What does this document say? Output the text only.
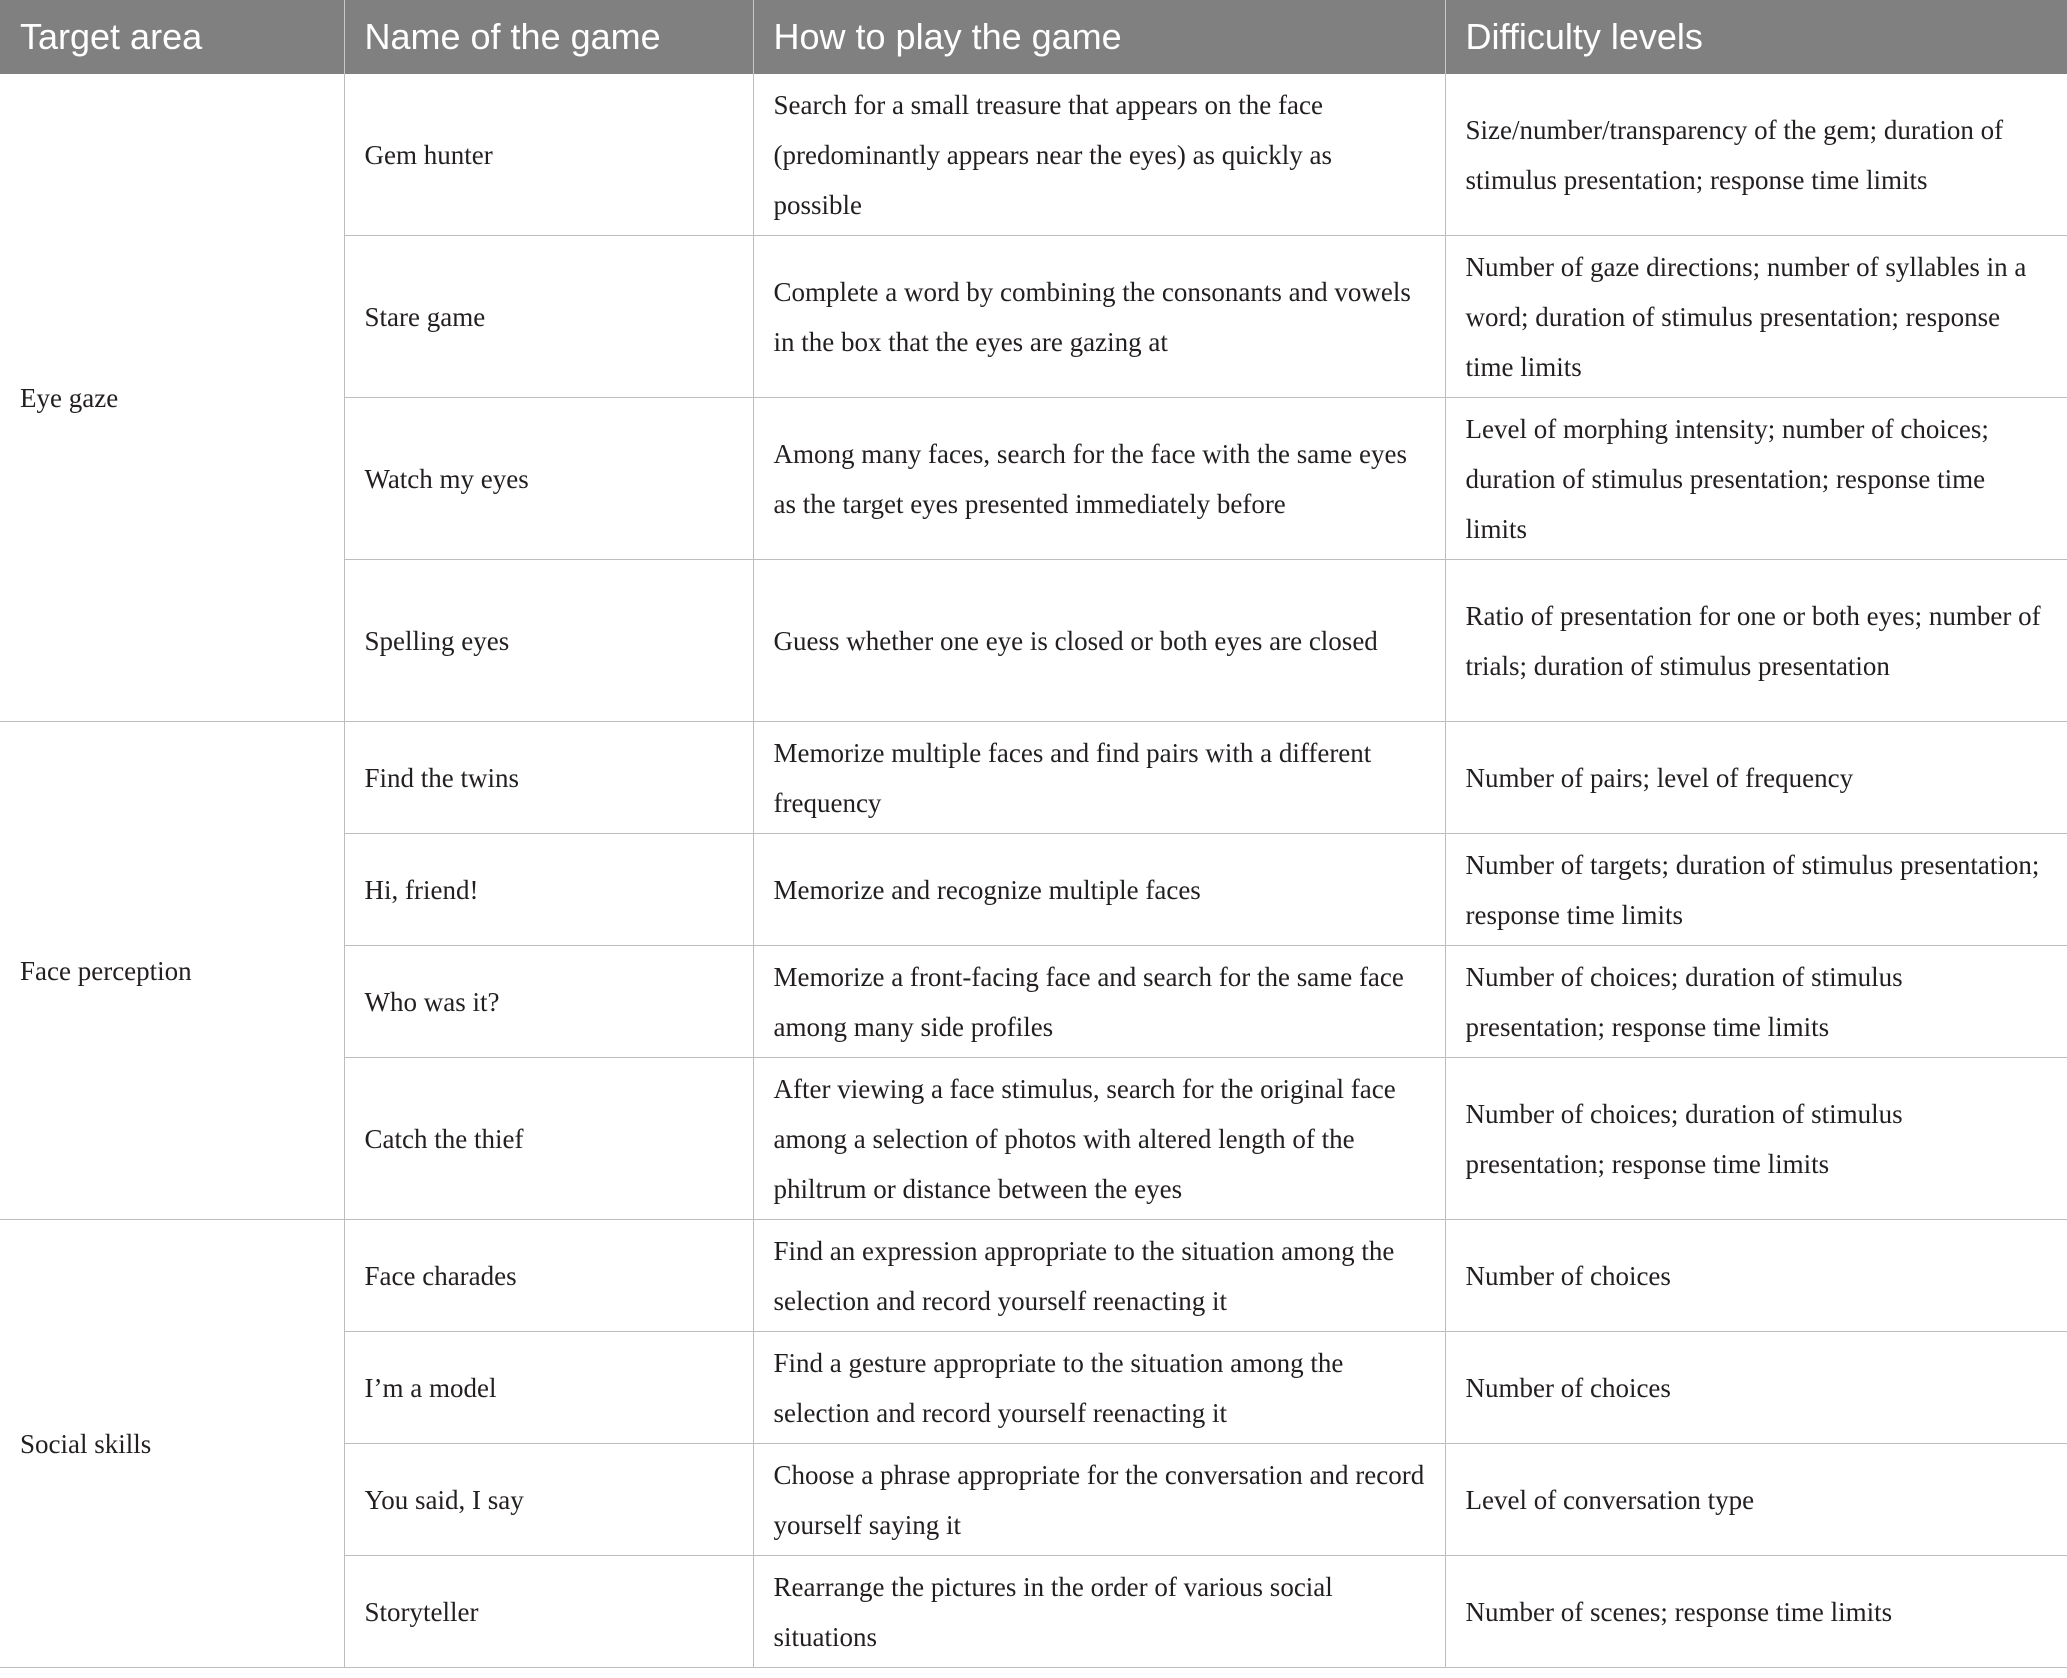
Target area	Name of the game	How to play the game	Difficulty levels
Eye gaze	Gem hunter	Search for a small treasure that appears on the face (predominantly appears near the eyes) as quickly as possible	Size/number/transparency of the gem; duration of stimulus presentation; response time limits
	Stare game	Complete a word by combining the consonants and vowels in the box that the eyes are gazing at	Number of gaze directions; number of syllables in a word; duration of stimulus presentation; response time limits
	Watch my eyes	Among many faces, search for the face with the same eyes as the target eyes presented immediately before	Level of morphing intensity; number of choices; duration of stimulus presentation; response time limits
	Spelling eyes	Guess whether one eye is closed or both eyes are closed	Ratio of presentation for one or both eyes; number of trials; duration of stimulus presentation
Face perception	Find the twins	Memorize multiple faces and find pairs with a different frequency	Number of pairs; level of frequency
	Hi, friend!	Memorize and recognize multiple faces	Number of targets; duration of stimulus presentation; response time limits
	Who was it?	Memorize a front-facing face and search for the same face among many side profiles	Number of choices; duration of stimulus presentation; response time limits
	Catch the thief	After viewing a face stimulus, search for the original face among a selection of photos with altered length of the philtrum or distance between the eyes	Number of choices; duration of stimulus presentation; response time limits
Social skills	Face charades	Find an expression appropriate to the situation among the selection and record yourself reenacting it	Number of choices
	I’m a model	Find a gesture appropriate to the situation among the selection and record yourself reenacting it	Number of choices
	You said, I say	Choose a phrase appropriate for the conversation and record yourself saying it	Level of conversation type
	Storyteller	Rearrange the pictures in the order of various social situations	Number of scenes; response time limits
